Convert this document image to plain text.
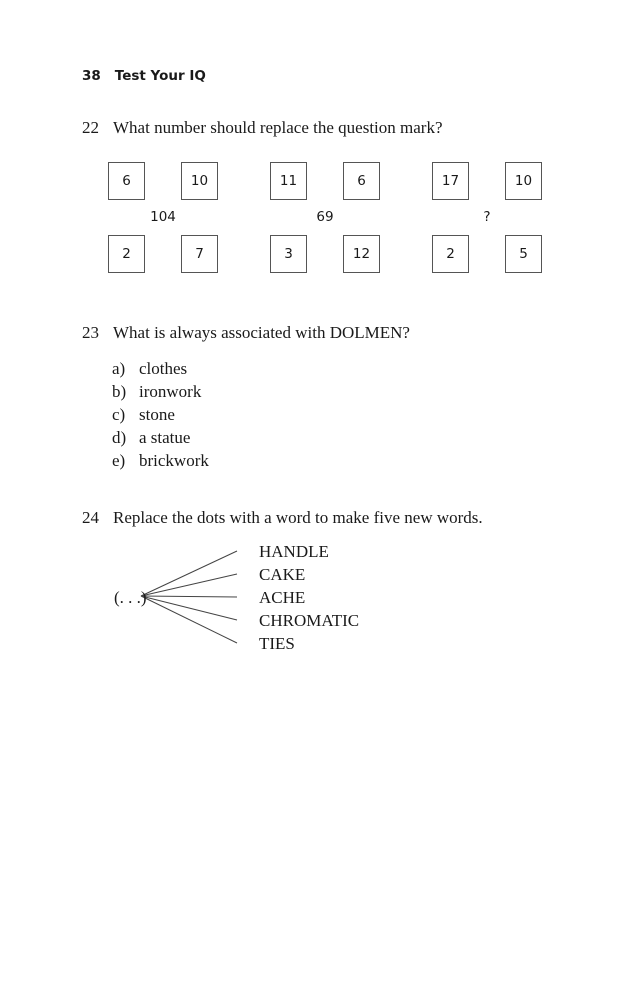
38 Test Your IQ
22 What number should replace the question mark?
6	10
104
2	7
11	6
69
3	12
17	10
?
2	5
23 What is always associated with DOLMEN?
a) clothes
b) ironwork
c) stone
d) a statue
e) brickwork
24 Replace the dots with a word to make five new words.
(. . .)
HANDLE
CAKE
ACHE
CHROMATIC
TIES
